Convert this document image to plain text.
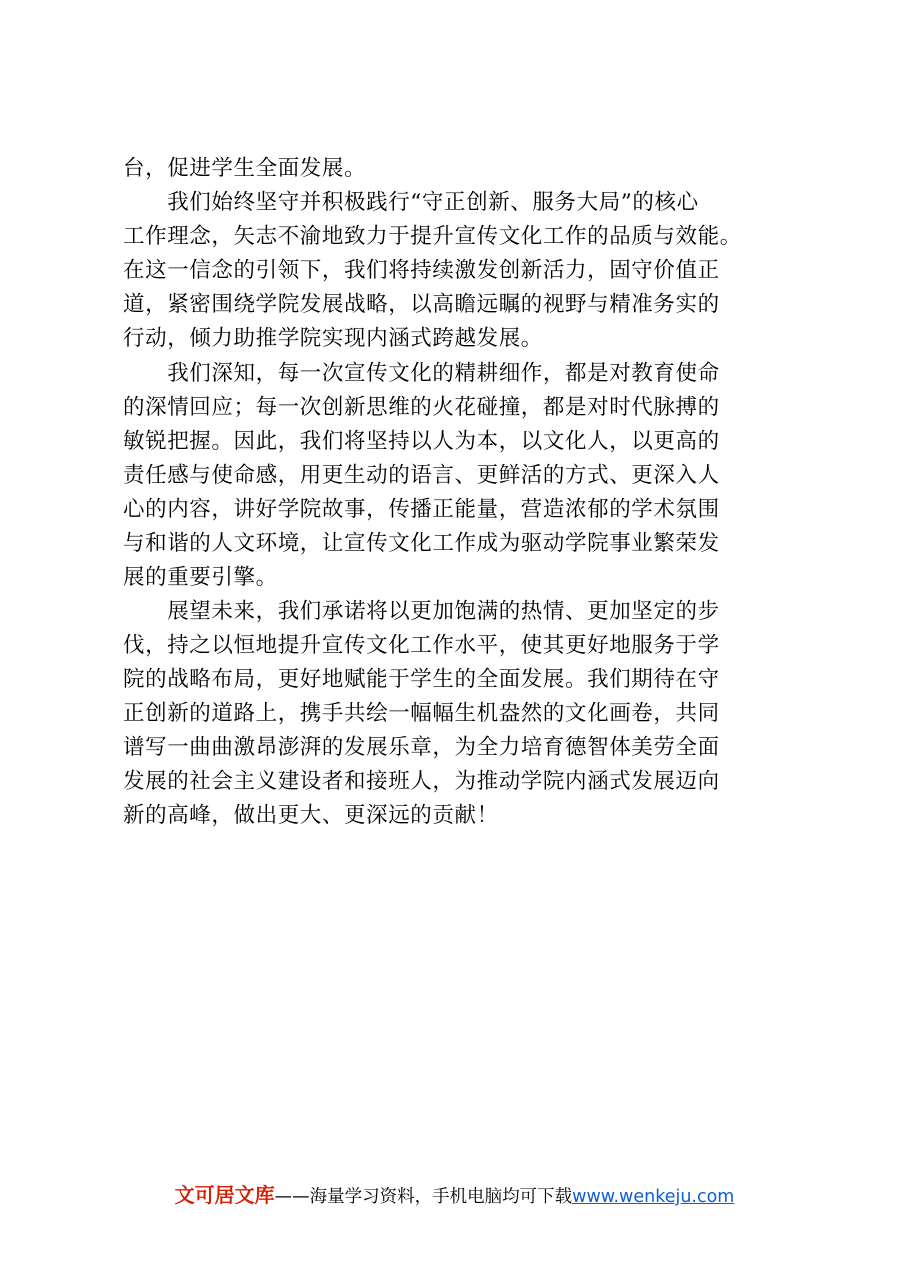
台，促进学生全面发展。
　　我们始终坚守并积极践行“守正创新、服务大局”的核心
工作理念，矢志不渝地致力于提升宣传文化工作的品质与效能。
在这一信念的引领下，我们将持续激发创新活力，固守价值正
道，紧密围绕学院发展战略，以高瞻远瞩的视野与精准务实的
行动，倾力助推学院实现内涵式跨越发展。
　　我们深知，每一次宣传文化的精耕细作，都是对教育使命
的深情回应；每一次创新思维的火花碰撞，都是对时代脉搏的
敏锐把握。因此，我们将坚持以人为本，以文化人，以更高的
责任感与使命感，用更生动的语言、更鲜活的方式、更深入人
心的内容，讲好学院故事，传播正能量，营造浓郁的学术氛围
与和谐的人文环境，让宣传文化工作成为驱动学院事业繁荣发
展的重要引擎。
　　展望未来，我们承诺将以更加饱满的热情、更加坚定的步
伐，持之以恒地提升宣传文化工作水平，使其更好地服务于学
院的战略布局，更好地赋能于学生的全面发展。我们期待在守
正创新的道路上，携手共绘一幅幅生机盎然的文化画卷，共同
谱写一曲曲激昂澎湃的发展乐章，为全力培育德智体美劳全面
发展的社会主义建设者和接班人，为推动学院内涵式发展迈向
新的高峰，做出更大、更深远的贡献！
文可居文库——海量学习资料，手机电脑均可下载www.wenkeju.com
